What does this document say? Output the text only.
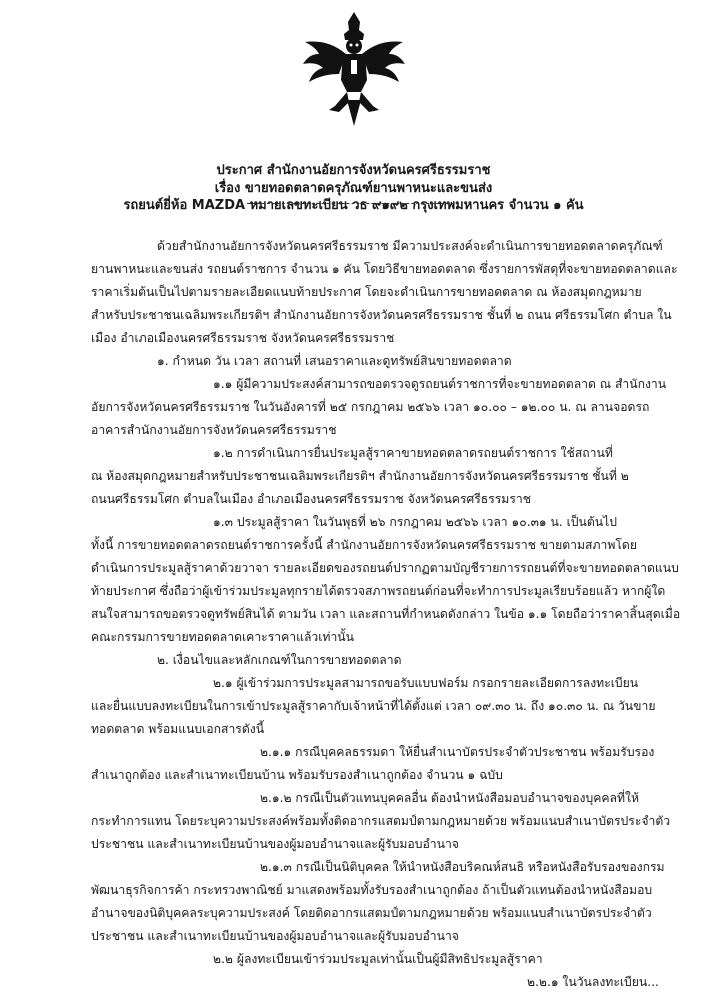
ประกาศ สำนักงานอัยการจังหวัดนครศรีธรรมราช
เรื่อง ขายทอดตลาดครุภัณฑ์ยานพาหนะและขนส่ง
รถยนต์ยี่ห้อ MAZDA หมายเลขทะเบียน วธ ๙๑๙๒ กรุงเทพมหานคร จำนวน ๑ คัน
ด้วยสำนักงานอัยการจังหวัดนครศรีธรรมราช มีความประสงค์จะดำเนินการขายทอดตลาดครุภัณฑ์
ยานพาหนะและขนส่ง รถยนต์ราชการ จำนวน ๑ คัน โดยวิธีขายทอดตลาด ซึ่งรายการพัสดุที่จะขายทอดตลาดและ
ราคาเริ่มต้นเป็นไปตามรายละเอียดแนบท้ายประกาศ โดยจะดำเนินการขายทอดตลาด ณ ห้องสมุดกฎหมาย
สำหรับประชาชนเฉลิมพระเกียรติฯ สำนักงานอัยการจังหวัดนครศรีธรรมราช ชั้นที่ ๒ ถนน ศรีธรรมโศก ตำบล ใน
เมือง อำเภอเมืองนครศรีธรรมราช จังหวัดนครศรีธรรมราช
๑. กำหนด วัน เวลา สถานที่ เสนอราคาและดูทรัพย์สินขายทอดตลาด
๑.๑ ผู้มีความประสงค์สามารถขอตรวจดูรถยนต์ราชการที่จะขายทอดตลาด ณ สำนักงาน
อัยการจังหวัดนครศรีธรรมราช ในวันอังคารที่ ๒๕ กรกฎาคม ๒๕๖๖ เวลา ๑๐.๐๐ – ๑๒.๐๐ น. ณ ลานจอดรถ
อาคารสำนักงานอัยการจังหวัดนครศรีธรรมราช
๑.๒ การดำเนินการยื่นประมูลสู้ราคาขายทอดตลาดรถยนต์ราชการ ใช้สถานที่
ณ ห้องสมุดกฎหมายสำหรับประชาชนเฉลิมพระเกียรติฯ สำนักงานอัยการจังหวัดนครศรีธรรมราช ชั้นที่ ๒
ถนนศรีธรรมโศก ตำบลในเมือง อำเภอเมืองนครศรีธรรมราช จังหวัดนครศรีธรรมราช
๑.๓ ประมูลสู้ราคา ในวันพุธที่ ๒๖ กรกฎาคม ๒๕๖๖ เวลา ๑๐.๓๑ น. เป็นต้นไป
ทั้งนี้ การขายทอดตลาดรถยนต์ราชการครั้งนี้ สำนักงานอัยการจังหวัดนครศรีธรรมราช ขายตามสภาพโดย
ดำเนินการประมูลสู้ราคาด้วยวาจา รายละเอียดของรถยนต์ปรากฏตามบัญชีรายการรถยนต์ที่จะขายทอดตลาดแนบ
ท้ายประกาศ ซึ่งถือว่าผู้เข้าร่วมประมูลทุกรายได้ตรวจสภาพรถยนต์ก่อนที่จะทำการประมูลเรียบร้อยแล้ว หากผู้ใด
สนใจสามารถขอตรวจดูทรัพย์สินได้ ตามวัน เวลา และสถานที่กำหนดดังกล่าว ในข้อ ๑.๑ โดยถือว่าราคาสิ้นสุดเมื่อ
คณะกรรมการขายทอดตลาดเคาะราคาแล้วเท่านั้น
๒. เงื่อนไขและหลักเกณฑ์ในการขายทอดตลาด
๒.๑ ผู้เข้าร่วมการประมูลสามารถขอรับแบบฟอร์ม กรอกรายละเอียดการลงทะเบียน
และยื่นแบบลงทะเบียนในการเข้าประมูลสู้ราคากับเจ้าหน้าที่ได้ตั้งแต่ เวลา ๐๙.๓๐ น. ถึง ๑๐.๓๐ น. ณ วันขาย
ทอดตลาด พร้อมแนบเอกสารดังนี้
๒.๑.๑ กรณีบุคคลธรรมดา ให้ยื่นสำเนาบัตรประจำตัวประชาชน พร้อมรับรอง
สำเนาถูกต้อง และสำเนาทะเบียนบ้าน พร้อมรับรองสำเนาถูกต้อง จำนวน ๑ ฉบับ
๒.๑.๒ กรณีเป็นตัวแทนบุคคลอื่น ต้องนำหนังสือมอบอำนาจของบุคคลที่ให้
กระทำการแทน โดยระบุความประสงค์พร้อมทั้งติดอากรแสตมป์ตามกฎหมายด้วย พร้อมแนบสำเนาบัตรประจำตัว
ประชาชน และสำเนาทะเบียนบ้านของผู้มอบอำนาจและผู้รับมอบอำนาจ
๒.๑.๓ กรณีเป็นนิติบุคคล ให้นำหนังสือบริคณห์สนธิ หรือหนังสือรับรองของกรม
พัฒนาธุรกิจการค้า กระทรวงพาณิชย์ มาแสดงพร้อมทั้งรับรองสำเนาถูกต้อง ถ้าเป็นตัวแทนต้องนำหนังสือมอบ
อำนาจของนิติบุคคลระบุความประสงค์ โดยติดอากรแสตมป์ตามกฎหมายด้วย พร้อมแนบสำเนาบัตรประจำตัว
ประชาชน และสำเนาทะเบียนบ้านของผู้มอบอำนาจและผู้รับมอบอำนาจ
๒.๒ ผู้ลงทะเบียนเข้าร่วมประมูลเท่านั้นเป็นผู้มีสิทธิประมูลสู้ราคา
๒.๒.๑ ในวันลงทะเบียน...
